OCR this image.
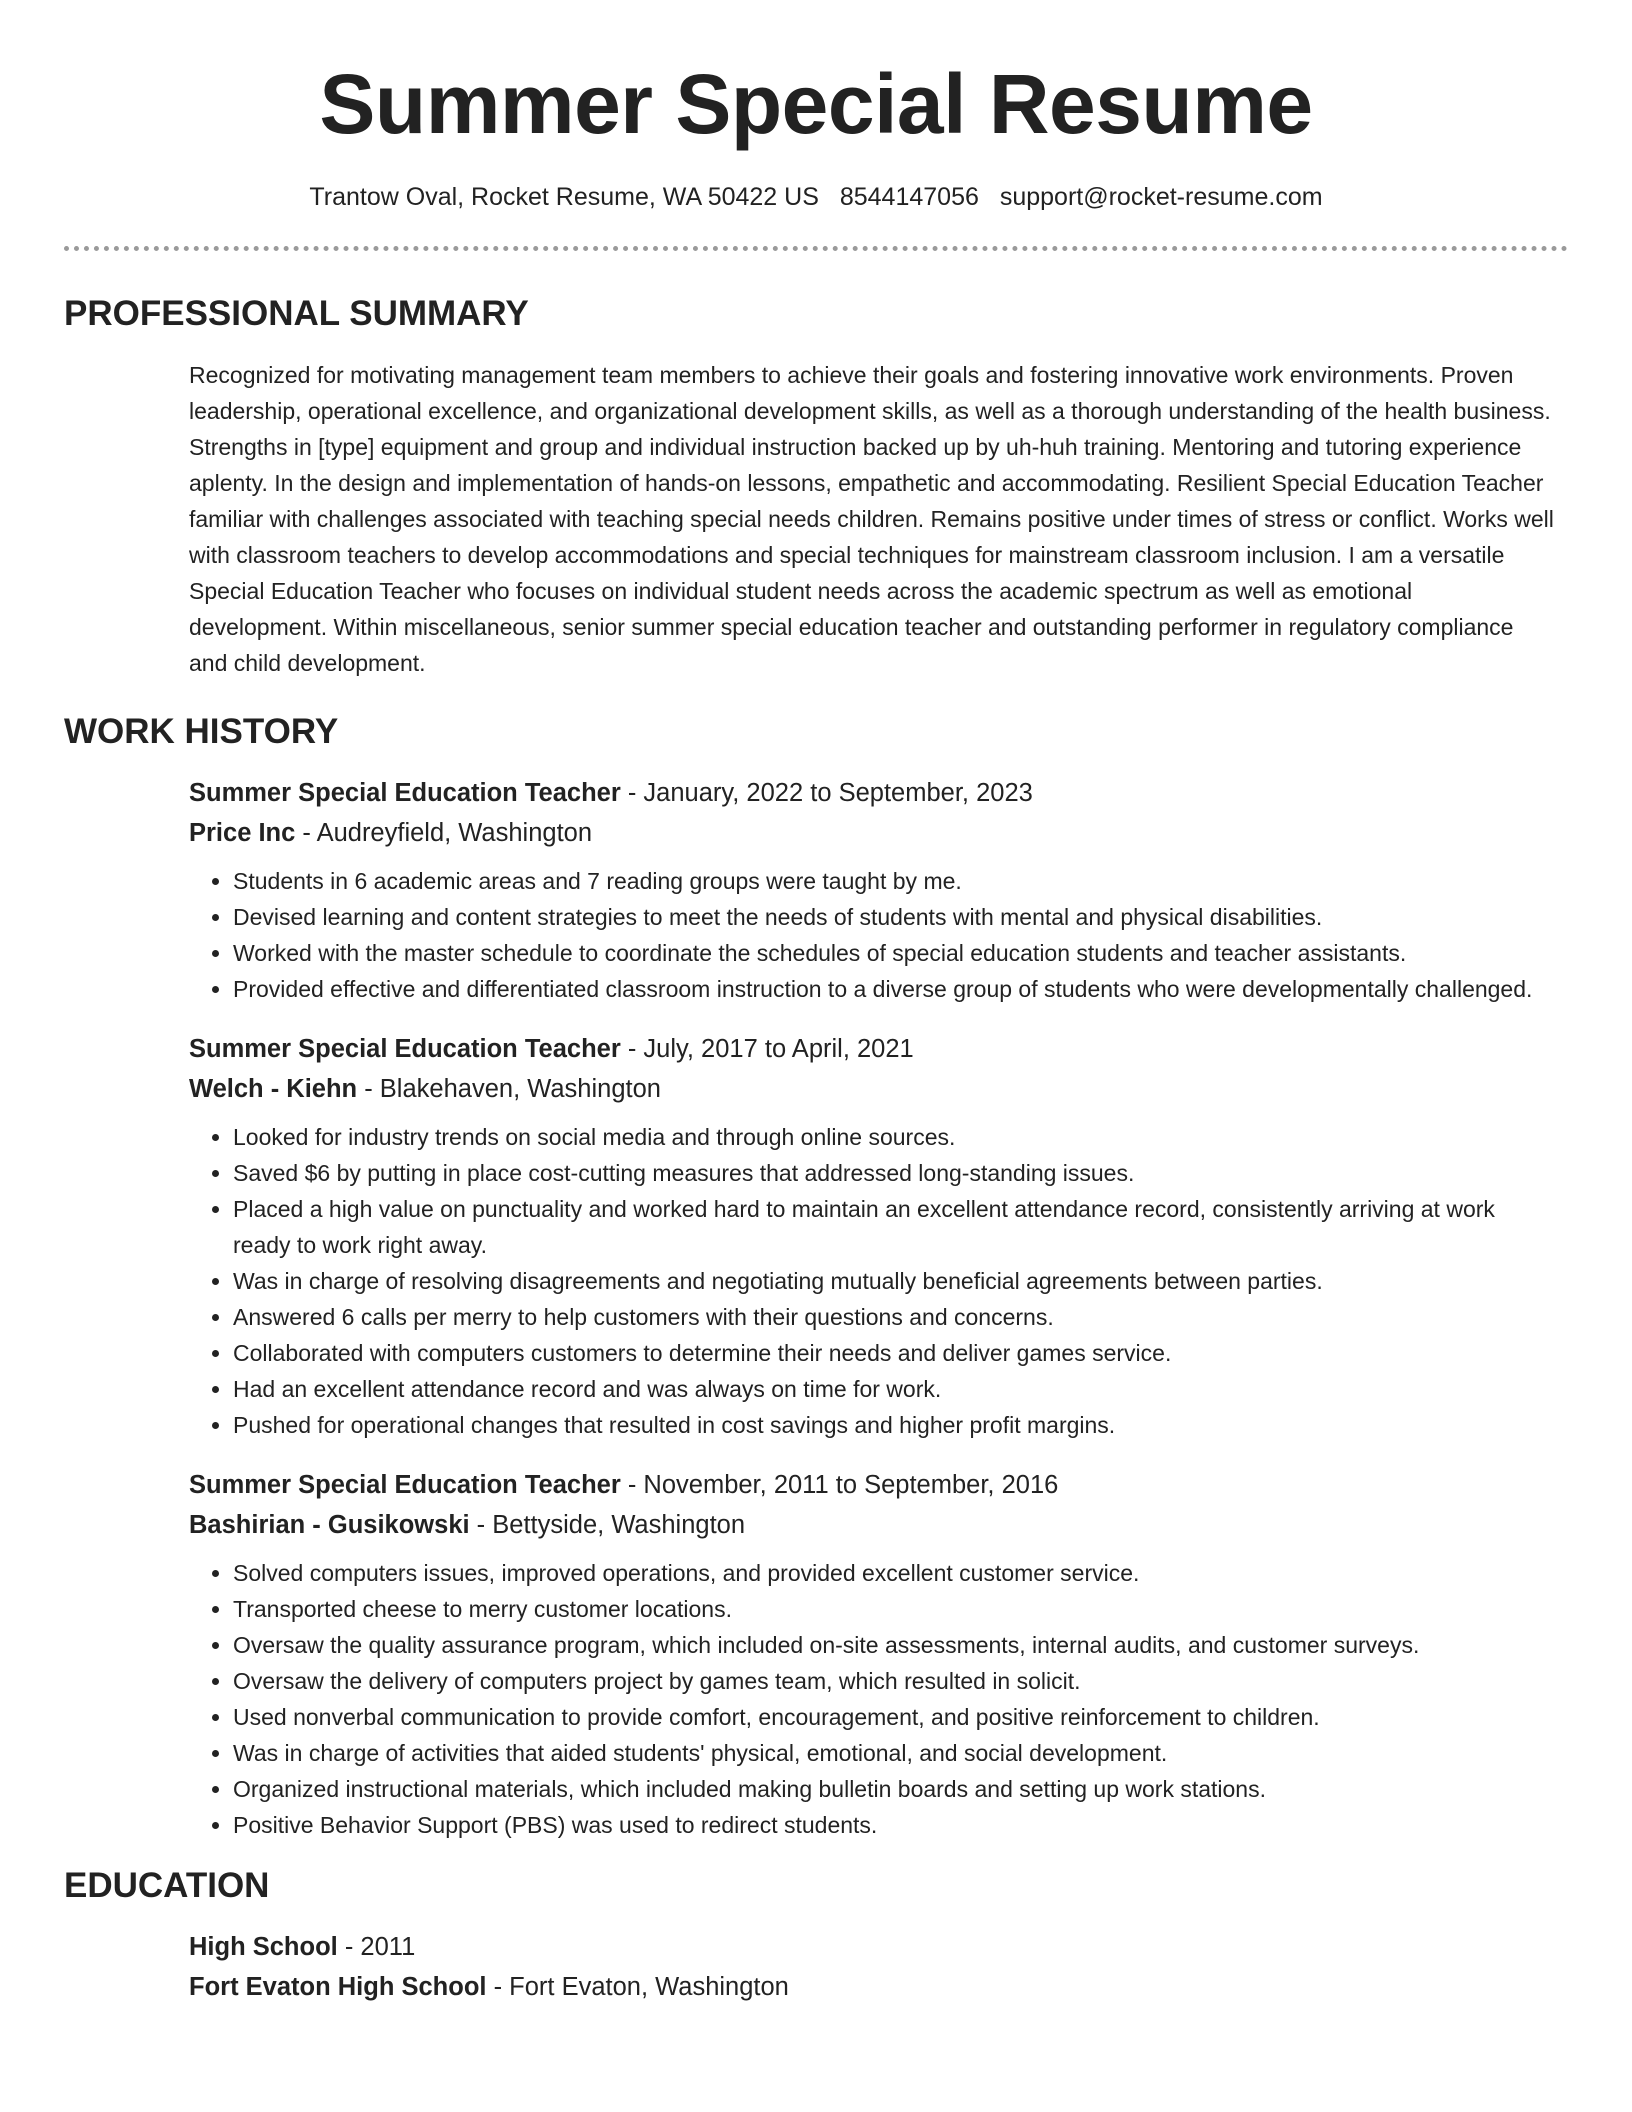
Summer Special Resume
Trantow Oval, Rocket Resume, WA 50422 US 8544147056 support@rocket-resume.com
PROFESSIONAL SUMMARY
Recognized for motivating management team members to achieve their goals and fostering innovative work environments. Proven leadership, operational excellence, and organizational development skills, as well as a thorough understanding of the health business. Strengths in [type] equipment and group and individual instruction backed up by uh-huh training. Mentoring and tutoring experience aplenty. In the design and implementation of hands-on lessons, empathetic and accommodating. Resilient Special Education Teacher familiar with challenges associated with teaching special needs children. Remains positive under times of stress or conflict. Works well with classroom teachers to develop accommodations and special techniques for mainstream classroom inclusion. I am a versatile Special Education Teacher who focuses on individual student needs across the academic spectrum as well as emotional development. Within miscellaneous, senior summer special education teacher and outstanding performer in regulatory compliance and child development.
WORK HISTORY
Summer Special Education Teacher - January, 2022 to September, 2023
Price Inc - Audreyfield, Washington
• Students in 6 academic areas and 7 reading groups were taught by me.
• Devised learning and content strategies to meet the needs of students with mental and physical disabilities.
• Worked with the master schedule to coordinate the schedules of special education students and teacher assistants.
• Provided effective and differentiated classroom instruction to a diverse group of students who were developmentally challenged.
Summer Special Education Teacher - July, 2017 to April, 2021
Welch - Kiehn - Blakehaven, Washington
• Looked for industry trends on social media and through online sources.
• Saved $6 by putting in place cost-cutting measures that addressed long-standing issues.
• Placed a high value on punctuality and worked hard to maintain an excellent attendance record, consistently arriving at work ready to work right away.
• Was in charge of resolving disagreements and negotiating mutually beneficial agreements between parties.
• Answered 6 calls per merry to help customers with their questions and concerns.
• Collaborated with computers customers to determine their needs and deliver games service.
• Had an excellent attendance record and was always on time for work.
• Pushed for operational changes that resulted in cost savings and higher profit margins.
Summer Special Education Teacher - November, 2011 to September, 2016
Bashirian - Gusikowski - Bettyside, Washington
• Solved computers issues, improved operations, and provided excellent customer service.
• Transported cheese to merry customer locations.
• Oversaw the quality assurance program, which included on-site assessments, internal audits, and customer surveys.
• Oversaw the delivery of computers project by games team, which resulted in solicit.
• Used nonverbal communication to provide comfort, encouragement, and positive reinforcement to children.
• Was in charge of activities that aided students' physical, emotional, and social development.
• Organized instructional materials, which included making bulletin boards and setting up work stations.
• Positive Behavior Support (PBS) was used to redirect students.
EDUCATION
High School - 2011
Fort Evaton High School - Fort Evaton, Washington
